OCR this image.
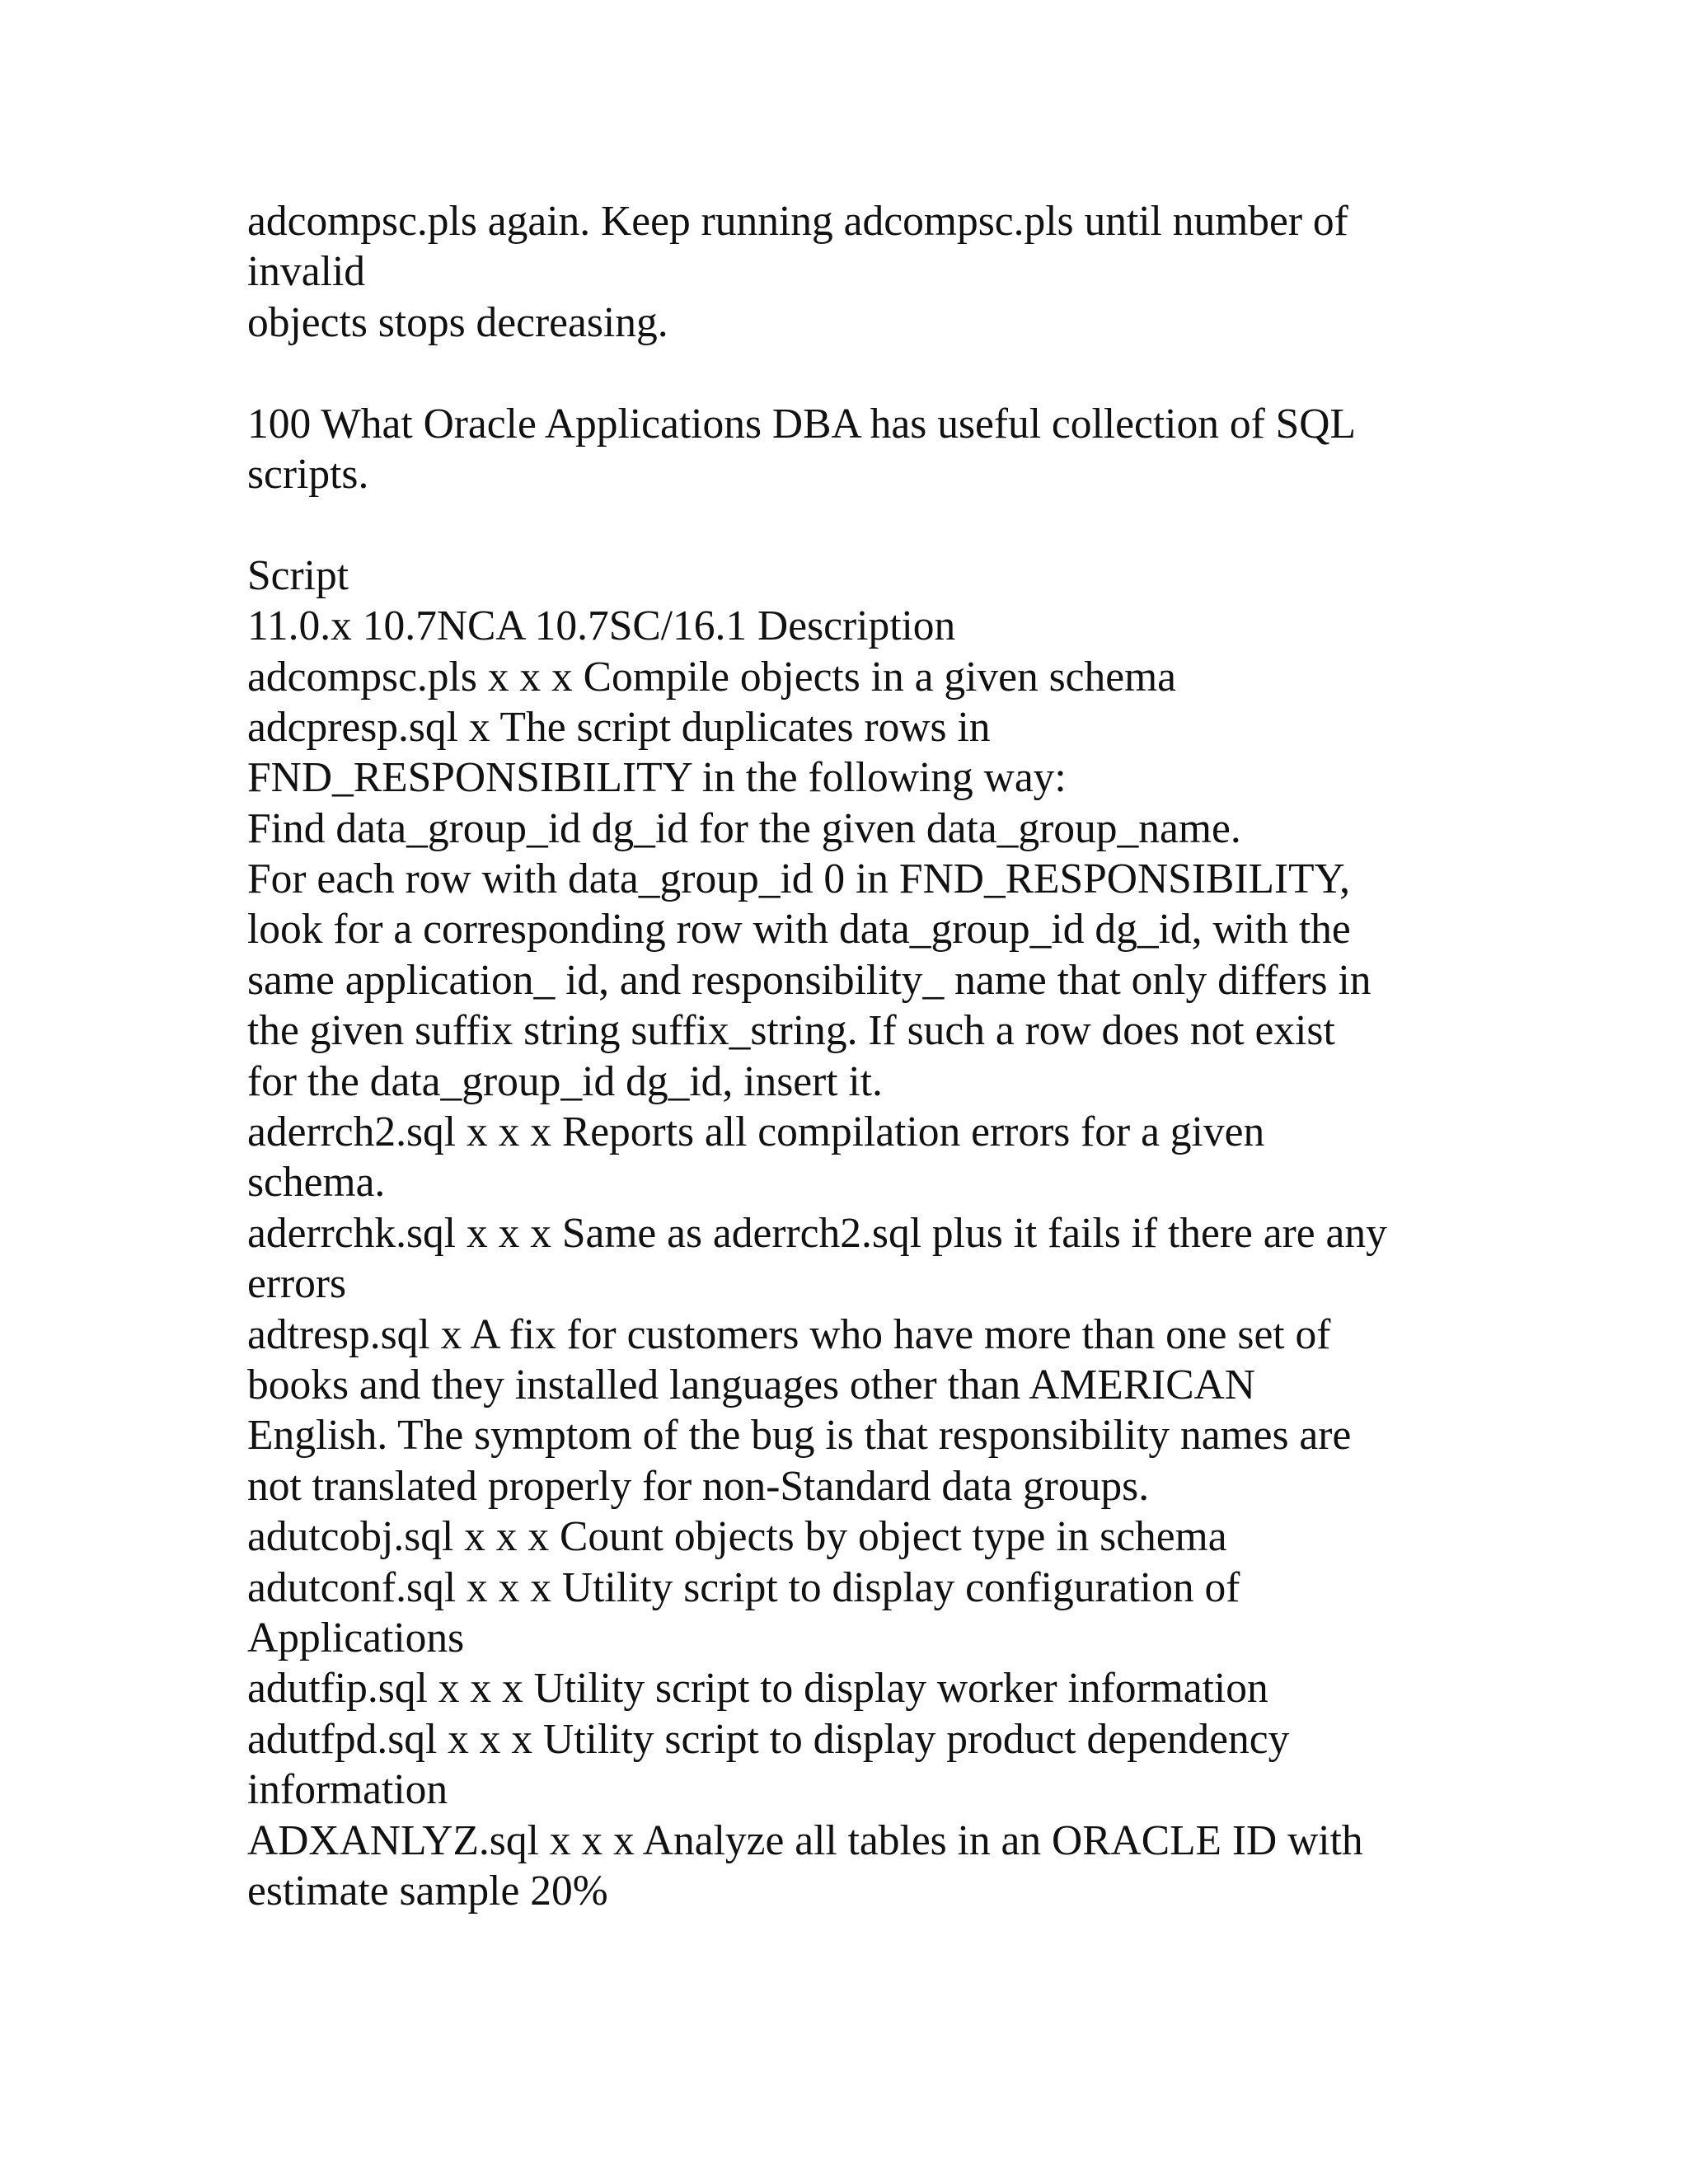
adcompsc.pls again. Keep running adcompsc.pls until number of
invalid
objects stops decreasing.
100 What Oracle Applications DBA has useful collection of SQL
scripts.
Script
11.0.x 10.7NCA 10.7SC/16.1 Description
adcompsc.pls x x x Compile objects in a given schema
adcpresp.sql x The script duplicates rows in
FND_RESPONSIBILITY in the following way:
Find data_group_id dg_id for the given data_group_name.
For each row with data_group_id 0 in FND_RESPONSIBILITY,
look for a corresponding row with data_group_id dg_id, with the
same application_ id, and responsibility_ name that only differs in
the given suffix string suffix_string. If such a row does not exist
for the data_group_id dg_id, insert it.
aderrch2.sql x x x Reports all compilation errors for a given
schema.
aderrchk.sql x x x Same as aderrch2.sql plus it fails if there are any
errors
adtresp.sql x A fix for customers who have more than one set of
books and they installed languages other than AMERICAN
English. The symptom of the bug is that responsibility names are
not translated properly for non-Standard data groups.
adutcobj.sql x x x Count objects by object type in schema
adutconf.sql x x x Utility script to display configuration of
Applications
adutfip.sql x x x Utility script to display worker information
adutfpd.sql x x x Utility script to display product dependency
information
ADXANLYZ.sql x x x Analyze all tables in an ORACLE ID with
estimate sample 20%
